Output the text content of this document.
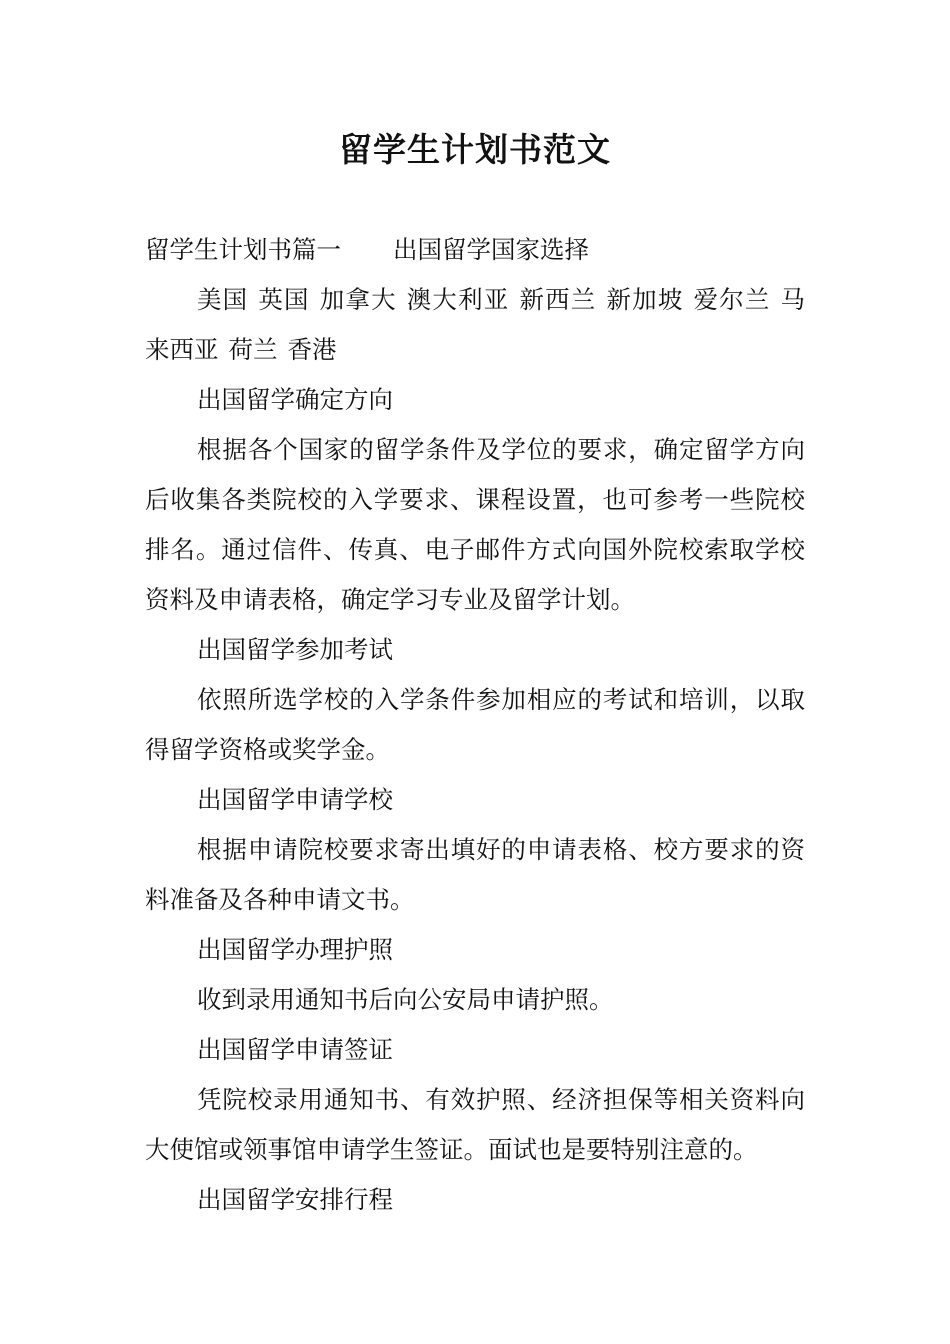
留学生计划书范文

留学生计划书篇一 出国留学国家选择

美国 英国 加拿大 澳大利亚 新西兰 新加坡 爱尔兰 马来西亚 荷兰 香港

出国留学确定方向

根据各个国家的留学条件及学位的要求，确定留学方向后收集各类院校的入学要求、课程设置，也可参考一些院校排名。通过信件、传真、电子邮件方式向国外院校索取学校资料及申请表格，确定学习专业及留学计划。

出国留学参加考试

依照所选学校的入学条件参加相应的考试和培训，以取得留学资格或奖学金。

出国留学申请学校

根据申请院校要求寄出填好的申请表格、校方要求的资料准备及各种申请文书。

出国留学办理护照

收到录用通知书后向公安局申请护照。

出国留学申请签证

凭院校录用通知书、有效护照、经济担保等相关资料向大使馆或领事馆申请学生签证。面试也是要特别注意的。

出国留学安排行程
